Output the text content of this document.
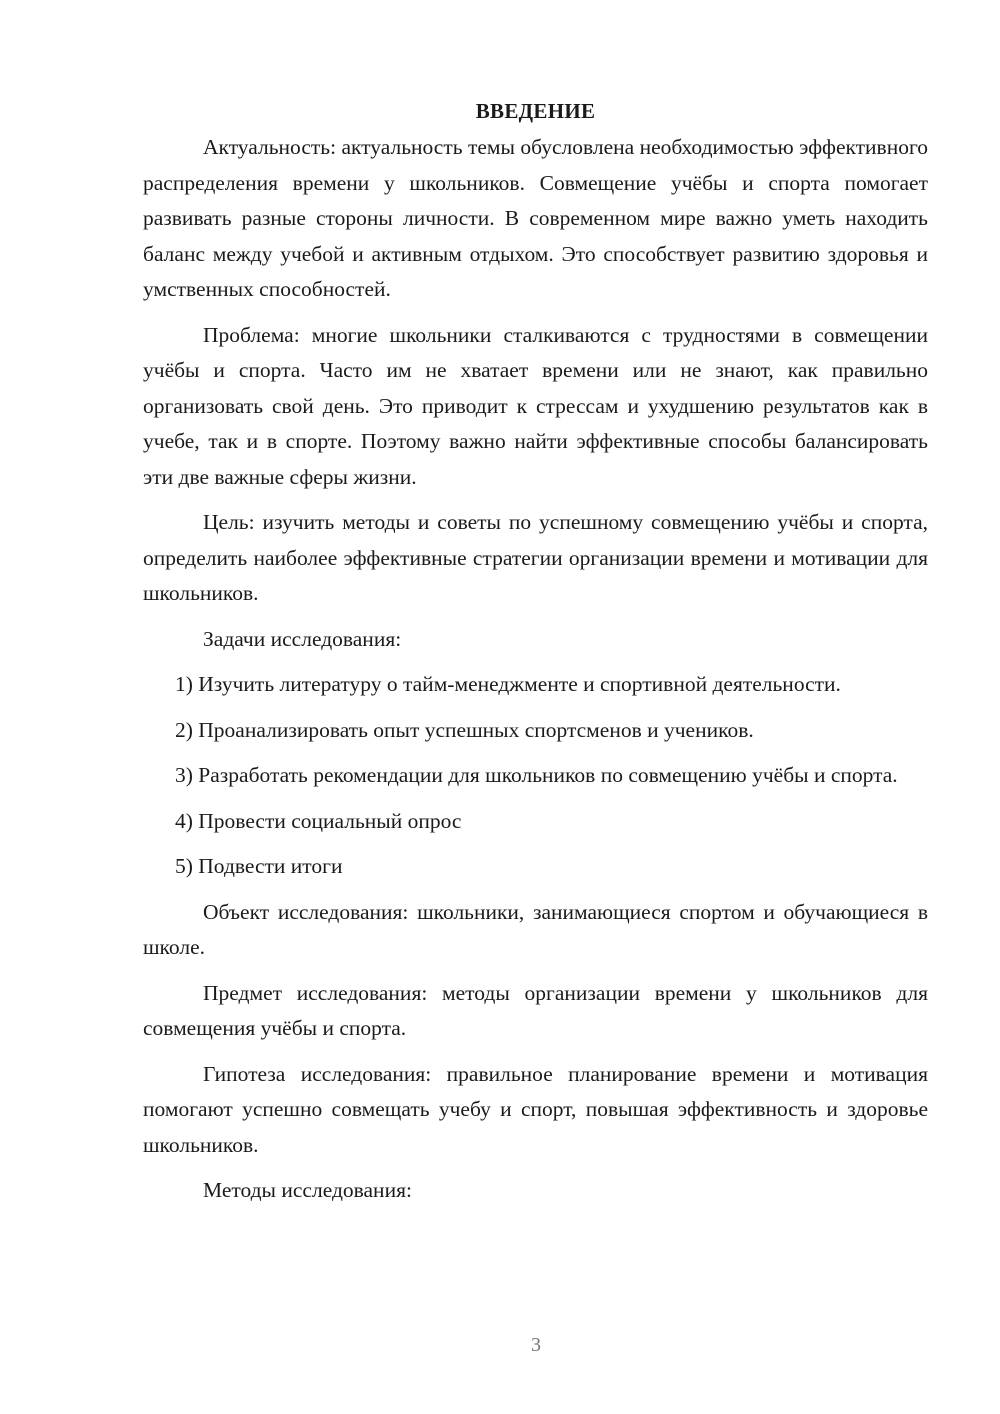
ВВЕДЕНИЕ

Актуальность: актуальность темы обусловлена необходимостью эффективного распределения времени у школьников. Совмещение учёбы и спорта помогает развивать разные стороны личности. В современном мире важно уметь находить баланс между учебой и активным отдыхом. Это способствует развитию здоровья и умственных способностей.

Проблема: многие школьники сталкиваются с трудностями в совмещении учёбы и спорта. Часто им не хватает времени или не знают, как правильно организовать свой день. Это приводит к стрессам и ухудшению результатов как в учебе, так и в спорте. Поэтому важно найти эффективные способы балансировать эти две важные сферы жизни.

Цель: изучить методы и советы по успешному совмещению учёбы и спорта, определить наиболее эффективные стратегии организации времени и мотивации для школьников.

Задачи исследования:

1) Изучить литературу о тайм-менеджменте и спортивной деятельности.

2) Проанализировать опыт успешных спортсменов и учеников.

3) Разработать рекомендации для школьников по совмещению учёбы и спорта.

4) Провести социальный опрос

5) Подвести итоги

Объект исследования: школьники, занимающиеся спортом и обучающиеся в школе.

Предмет исследования: методы организации времени у школьников для совмещения учёбы и спорта.

Гипотеза исследования: правильное планирование времени и мотивация помогают успешно совмещать учебу и спорт, повышая эффективность и здоровье школьников.

Методы исследования:

3
